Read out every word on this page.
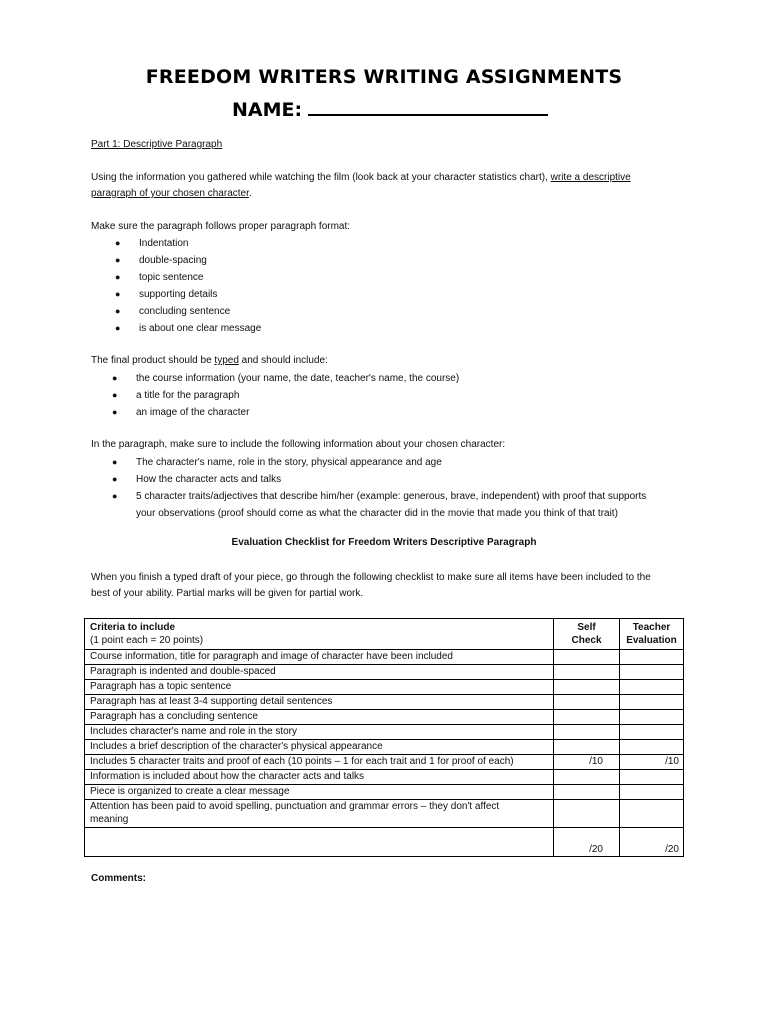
FREEDOM WRITERS WRITING ASSIGNMENTS
NAME:
Part 1: Descriptive Paragraph
Using the information you gathered while watching the film (look back at your character statistics chart), write a descriptive
paragraph of your chosen character.
Make sure the paragraph follows proper paragraph format:
● Indentation
● double-spacing
● topic sentence
● supporting details
● concluding sentence
● is about one clear message
The final product should be typed and should include:
● the course information (your name, the date, teacher's name, the course)
● a title for the paragraph
● an image of the character
In the paragraph, make sure to include the following information about your chosen character:
● The character's name, role in the story, physical appearance and age
● How the character acts and talks
● 5 character traits/adjectives that describe him/her (example: generous, brave, independent) with proof that supports
your observations (proof should come as what the character did in the movie that made you think of that trait)
Evaluation Checklist for Freedom Writers Descriptive Paragraph
When you finish a typed draft of your piece, go through the following checklist to make sure all items have been included to the
best of your ability. Partial marks will be given for partial work.
Criteria to include
(1 point each = 20 points)	Self
Check	Teacher
Evaluation
Course information, title for paragraph and image of character have been included		
Paragraph is indented and double-spaced		
Paragraph has a topic sentence		
Paragraph has at least 3-4 supporting detail sentences		
Paragraph has a concluding sentence		
Includes character's name and role in the story		
Includes a brief description of the character's physical appearance		
Includes 5 character traits and proof of each (10 points – 1 for each trait and 1 for proof of each)	/10	/10
Information is included about how the character acts and talks		
Piece is organized to create a clear message		
Attention has been paid to avoid spelling, punctuation and grammar errors – they don't affect
meaning		
	/20	/20
Comments:
